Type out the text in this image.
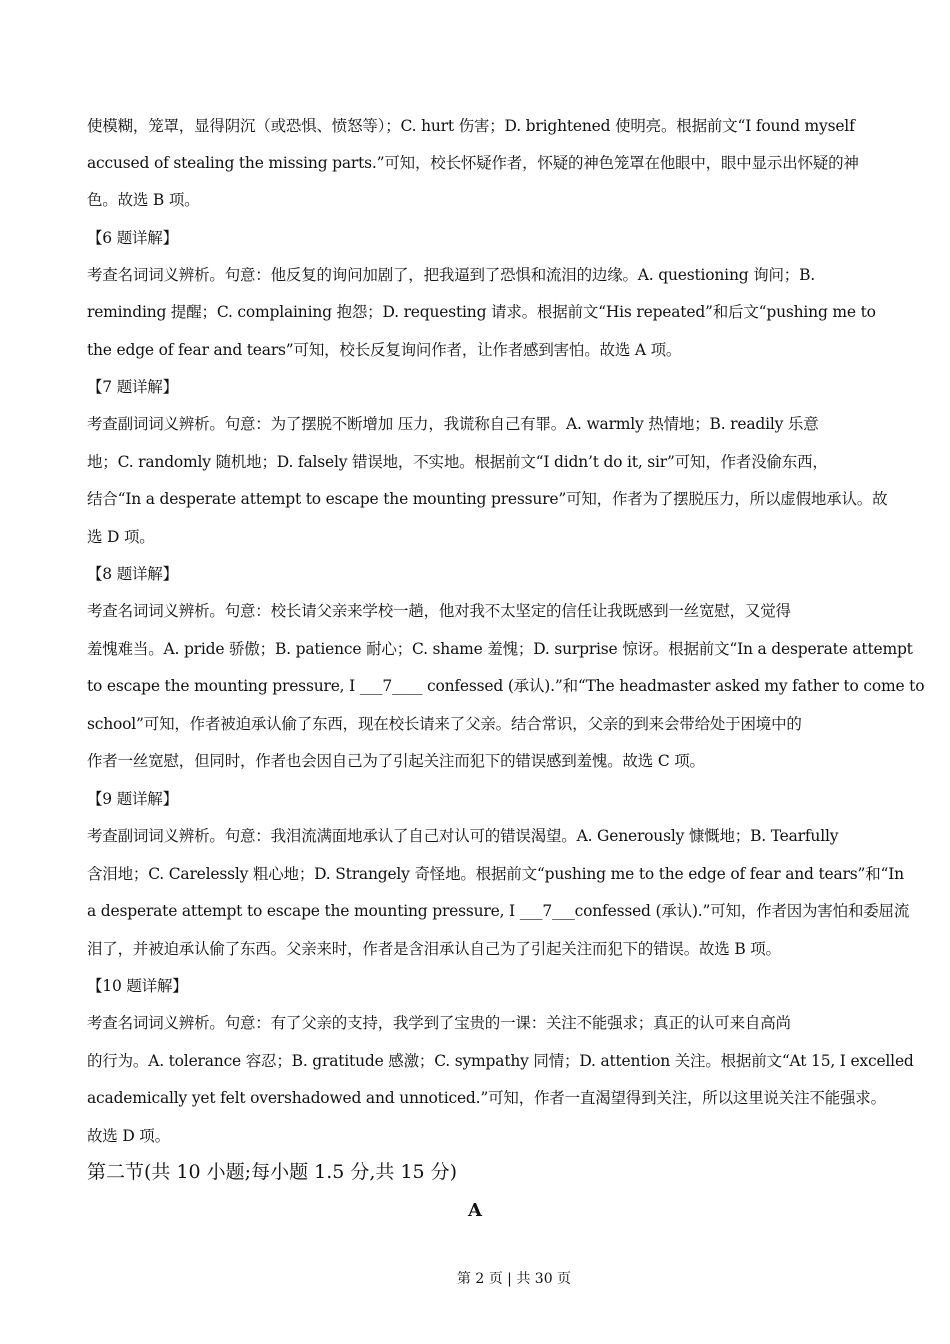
使模糊，笼罩，显得阴沉（或恐惧、愤怒等）；C. hurt 伤害；D. brightened 使明亮。根据前文“I found myself
accused of stealing the missing parts.”可知，校长怀疑作者，怀疑的神色笼罩在他眼中，眼中显示出怀疑的神
色。故选 B 项。
【6 题详解】
考查名词词义辨析。句意：他反复的询问加剧了，把我逼到了恐惧和流泪的边缘。A. questioning 询问；B.
reminding 提醒；C. complaining 抱怨；D. requesting 请求。根据前文“His repeated”和后文“pushing me to
the edge of fear and tears”可知，校长反复询问作者，让作者感到害怕。故选 A 项。
【7 题详解】
考查副词词义辨析。句意：为了摆脱不断增加 压力，我谎称自己有罪。A. warmly 热情地；B. readily 乐意
地；C. randomly 随机地；D. falsely 错误地，不实地。根据前文“I didn’t do it, sir”可知，作者没偷东西，
结合“In a desperate attempt to escape the mounting pressure”可知，作者为了摆脱压力，所以虚假地承认。故
选 D 项。
【8 题详解】
考查名词词义辨析。句意：校长请父亲来学校一趟，他对我不太坚定的信任让我既感到一丝宽慰，又觉得
羞愧难当。A. pride 骄傲；B. patience 耐心；C. shame 羞愧；D. surprise 惊讶。根据前文“In a desperate attempt
to escape the mounting pressure, I ___7____ confessed (承认).”和“The headmaster asked my father to come to
school”可知，作者被迫承认偷了东西，现在校长请来了父亲。结合常识，父亲的到来会带给处于困境中的
作者一丝宽慰，但同时，作者也会因自己为了引起关注而犯下的错误感到羞愧。故选 C 项。
【9 题详解】
考查副词词义辨析。句意：我泪流满面地承认了自己对认可的错误渴望。A. Generously 慷慨地；B. Tearfully
含泪地；C. Carelessly 粗心地；D. Strangely 奇怪地。根据前文“pushing me to the edge of fear and tears”和“In
a desperate attempt to escape the mounting pressure, I ___7___confessed (承认).”可知，作者因为害怕和委屈流
泪了，并被迫承认偷了东西。父亲来时，作者是含泪承认自己为了引起关注而犯下的错误。故选 B 项。
【10 题详解】
考查名词词义辨析。句意：有了父亲的支持，我学到了宝贵的一课：关注不能强求；真正的认可来自高尚
的行为。A. tolerance 容忍；B. gratitude 感激；C. sympathy 同情；D. attention 关注。根据前文“At 15, I excelled
academically yet felt overshadowed and unnoticed.”可知，作者一直渴望得到关注，所以这里说关注不能强求。
故选 D 项。
第二节(共 10 小题;每小题 1.5 分,共 15 分)
A
第 2 页 | 共 30 页
